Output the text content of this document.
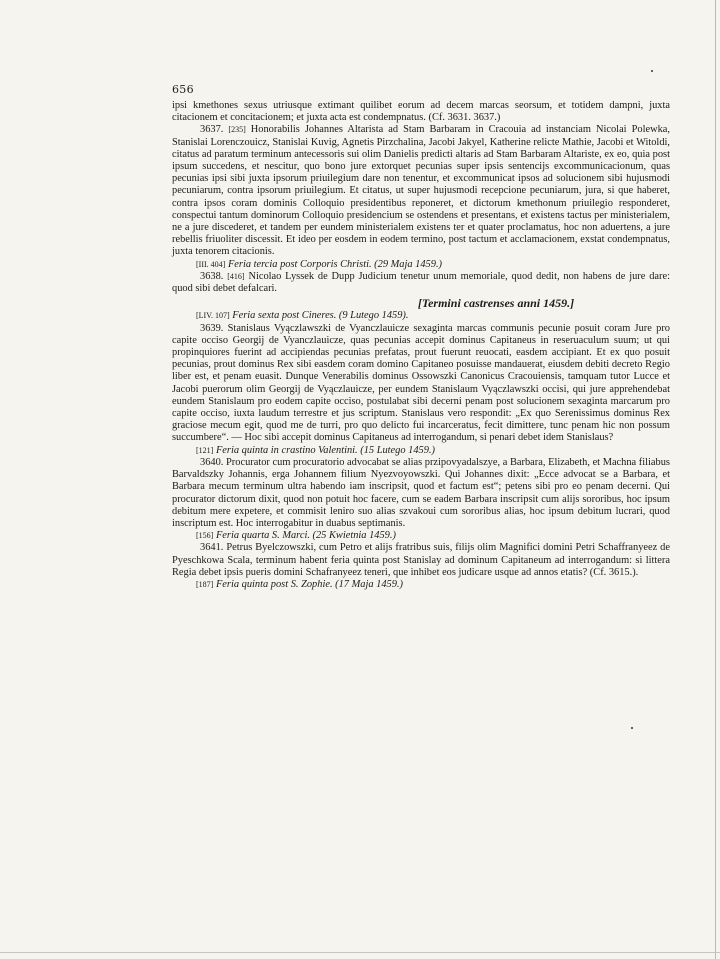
656

ipsi kmethones sexus utriusque extimant quilibet eorum ad decem marcas seorsum, et totidem dampni, juxta citacionem et concitacionem; et juxta acta est condempnatus. (Cf. 3631. 3637.)

3637. [235] Honorabilis Johannes Altarista ad Stam Barbaram in Cracouia ad instanciam Nicolai Polewka, Stanislai Lorenczouicz, Stanislai Kuvig, Agnetis Pirzchalina, Jacobi Jakyel, Katherine relicte Mathie, Jacobi et Witoldi, citatus ad paratum terminum antecessoris sui olim Danielis predicti altaris ad Stam Barbaram Altariste, ex eo, quia post ipsum succedens, et nescitur, quo bono jure extorquet pecunias super ipsis sentencijs excommunicacionum, quas pecunias ipsi sibi juxta ipsorum priuilegium dare non tenentur, et excommunicat ipsos ad solucionem sibi hujusmodi pecuniarum, contra ipsorum priuilegium. Et citatus, ut super hujusmodi recepcione pecuniarum, jura, si que haberet, contra ipsos coram dominis Colloquio presidentibus reponeret, et dictorum kmethonum priuilegio responderet, conspectui tantum dominorum Colloquio presidencium se ostendens et presentans, et existens tactus per ministerialem, ne a jure discederet, et tandem per eundem ministerialem existens ter et quater proclamatus, hoc non aduertens, a jure rebellis friuoliter discessit. Et ideo per eosdem in eodem termino, post tactum et acclamacionem, exstat condempnatus, juxta tenorem citacionis.

[III. 404] Feria tercia post Corporis Christi. (29 Maja 1459.)

3638. [416] Nicolao Lyssek de Dupp Judicium tenetur unum memoriale, quod dedit, non habens de jure dare: quod sibi debet defalcari.

[Termini castrenses anni 1459.]

[LIV. 107] Feria sexta post Cineres. (9 Lutego 1459).

3639. Stanislaus Vyączlawszki de Vyanczlauicze sexaginta marcas communis pecunie posuit coram Jure pro capite occiso Georgij de Vyanczlauicze, quas pecunias accepit dominus Capitaneus in reseruaculum suum; ut qui propinquiores fuerint ad accipiendas pecunias prefatas, prout fuerunt reuocati, easdem accipiant. Et ex quo posuit pecunias, prout dominus Rex sibi easdem coram domino Capitaneo posuisse mandauerat, eiusdem debiti decreto Regio liber est, et penam euasit. Dunque Venerabilis dominus Ossowszki Canonicus Cracouiensis, tamquam tutor Lucce et Jacobi puerorum olim Georgij de Vyączlauicze, per eundem Stanislaum Vyączlawszki occisi, qui jure apprehendebat eundem Stanislaum pro eodem capite occiso, postulabat sibi decerni penam post solucionem sexaginta marcarum pro capite occiso, iuxta laudum terrestre et jus scriptum. Stanislaus vero respondit: „Ex quo Serenissimus dominus Rex graciose mecum egit, quod me de turri, pro quo delicto fui incarceratus, fecit dimittere, tunc penam hic non possum succumbere“. — Hoc sibi accepit dominus Capitaneus ad interrogandum, si penari debet idem Stanislaus?

[121] Feria quinta in crastino Valentini. (15 Lutego 1459.)

3640. Procurator cum procuratorio advocabat se alias przipovyadalszye, a Barbara, Elizabeth, et Machna filiabus Barvaldszky Johannis, erga Johannem filium Nyezvoyowszki. Qui Johannes dixit: „Ecce advocat se a Barbara, et Barbara mecum terminum ultra habendo iam inscripsit, quod et factum est“; petens sibi pro eo penam decerni. Qui procurator dictorum dixit, quod non potuit hoc facere, cum se eadem Barbara inscripsit cum alijs sororibus, hoc ipsum debitum mere expetere, et commisit leniro suo alias szvakoui cum sororibus alias, hoc ipsum debitum lucrari, quod inscriptum est. Hoc interrogabitur in duabus septimanis.

[156] Feria quarta S. Marci. (25 Kwietnia 1459.)

3641. Petrus Byelczowszki, cum Petro et alijs fratribus suis, filijs olim Magnifici domini Petri Schaffranyeez de Pyeschkowa Scala, terminum habent feria quinta post Stanislay ad dominum Capitaneum ad interrogandum: si littera Regia debet ipsis pueris domini Schafranyeez teneri, que inhibet eos judicare usque ad annos etatis? (Cf. 3615.).

[187] Feria quinta post S. Zophie. (17 Maja 1459.)
